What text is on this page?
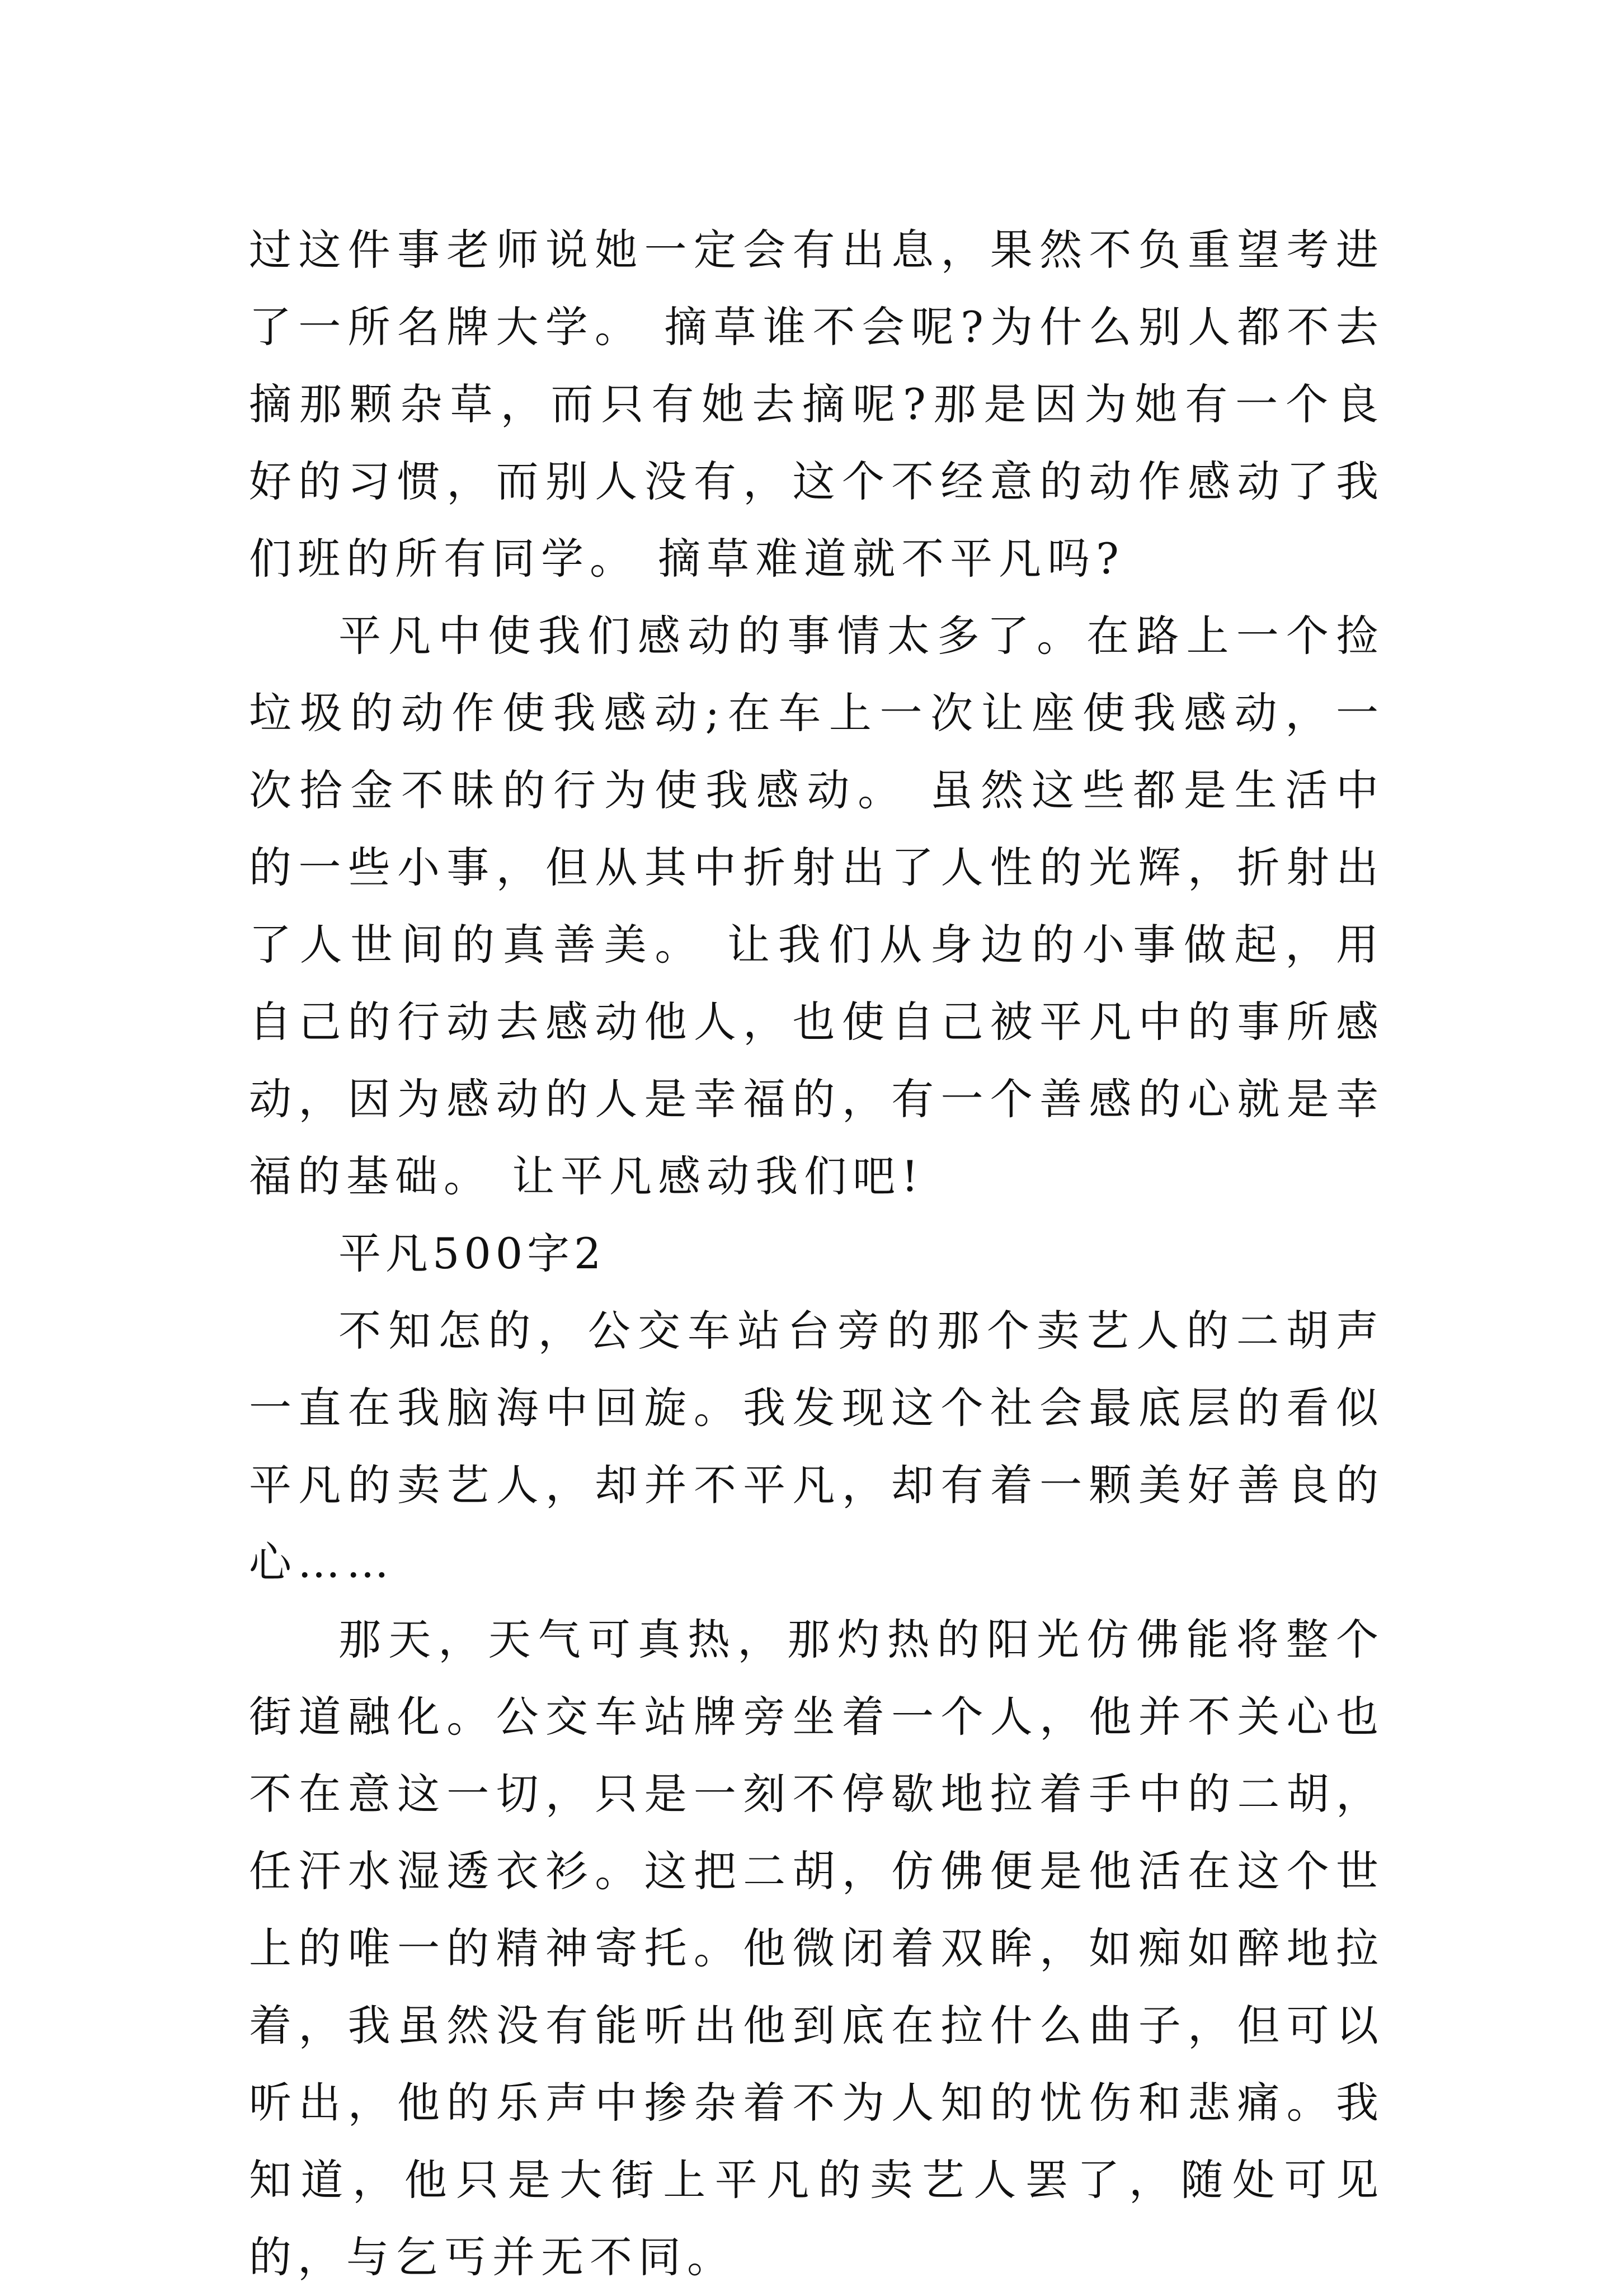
过这件事老师说她一定会有出息，果然不负重望考进了一所名牌大学。 摘草谁不会呢?为什么别人都不去摘那颗杂草，而只有她去摘呢?那是因为她有一个良好的习惯，而别人没有，这个不经意的动作感动了我们班的所有同学。 摘草难道就不平凡吗?

平凡中使我们感动的事情太多了。在路上一个捡垃圾的动作使我感动;在车上一次让座使我感动，一次拾金不昧的行为使我感动。 虽然这些都是生活中的一些小事，但从其中折射出了人性的光辉，折射出了人世间的真善美。 让我们从身边的小事做起，用自己的行动去感动他人，也使自己被平凡中的事所感动，因为感动的人是幸福的，有一个善感的心就是幸福的基础。 让平凡感动我们吧!

平凡500字2

不知怎的，公交车站台旁的那个卖艺人的二胡声一直在我脑海中回旋。我发现这个社会最底层的看似平凡的卖艺人，却并不平凡，却有着一颗美好善良的心……

那天，天气可真热，那灼热的阳光仿佛能将整个街道融化。公交车站牌旁坐着一个人，他并不关心也不在意这一切，只是一刻不停歇地拉着手中的二胡，任汗水湿透衣衫。这把二胡，仿佛便是他活在这个世上的唯一的精神寄托。他微闭着双眸，如痴如醉地拉着，我虽然没有能听出他到底在拉什么曲子，但可以听出，他的乐声中掺杂着不为人知的忧伤和悲痛。我知道，他只是大街上平凡的卖艺人罢了，随处可见的，与乞丐并无不同。
